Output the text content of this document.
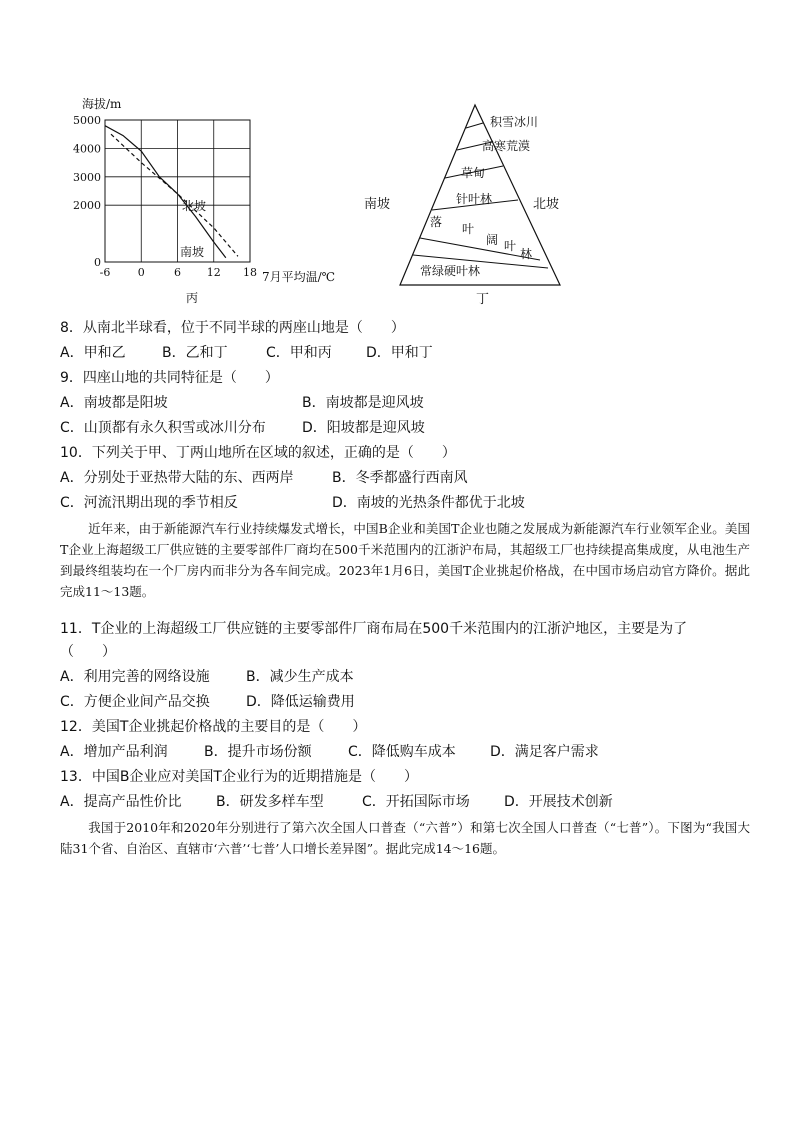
-6 0	6 12 18
0
2000
3000
4000
5000
海拔/m
7月平均温/℃
丙
北坡
南坡
积雪冰川
高寒荒漠
草甸
针叶林
落 叶
阔 叶
林
常绿硬叶林
南坡	北坡
丁
8．从南北半球看，位于不同半球的两座山地是（　　）
A．甲和乙	B．乙和丁	C．甲和丙 D．甲和丁
9．四座山地的共同特征是（　　）
A．南坡都是阳坡	B．南坡都是迎风坡
C．山顶都有永久积雪或冰川分布	D．阳坡都是迎风坡
10．下列关于甲、丁两山地所在区域的叙述，正确的是（　　）
A．分别处于亚热带大陆的东、西两岸	B．冬季都盛行西南风
C．河流汛期出现的季节相反	D．南坡的光热条件都优于北坡
近年来，由于新能源汽车行业持续爆发式增长，中国B企业和美国T企业也随之发展成为新能源汽车行业领军企业。美国T企业上海超级工厂供应链的主要零部件厂商均在500千米范围内的江浙沪布局，其超级工厂也持续提高集成度，从电池生产到最终组装均在一个厂房内而非分为各车间完成。2023年1月6日，美国T企业挑起价格战，在中国市场启动官方降价。据此完成11～13题。
11．T企业的上海超级工厂供应链的主要零部件厂商布局在500千米范围内的江浙沪地区，主要是为了
（　　）
A．利用完善的网络设施	B．减少生产成本
C．方便企业间产品交换	D．降低运输费用
12．美国T企业挑起价格战的主要目的是（　　）
A．增加产品利润	B．提升市场份额	C．降低购车成本 D．满足客户需求
13．中国B企业应对美国T企业行为的近期措施是（　　）
A．提高产品性价比 B．研发多样车型	C．开拓国际市场 D．开展技术创新
我国于2010年和2020年分别进行了第六次全国人口普查（“六普”）和第七次全国人口普查（“七普”）。下图为“我国大陆31个省、自治区、直辖市‘六普’‘七普’人口增长差异图”。据此完成14～16题。
